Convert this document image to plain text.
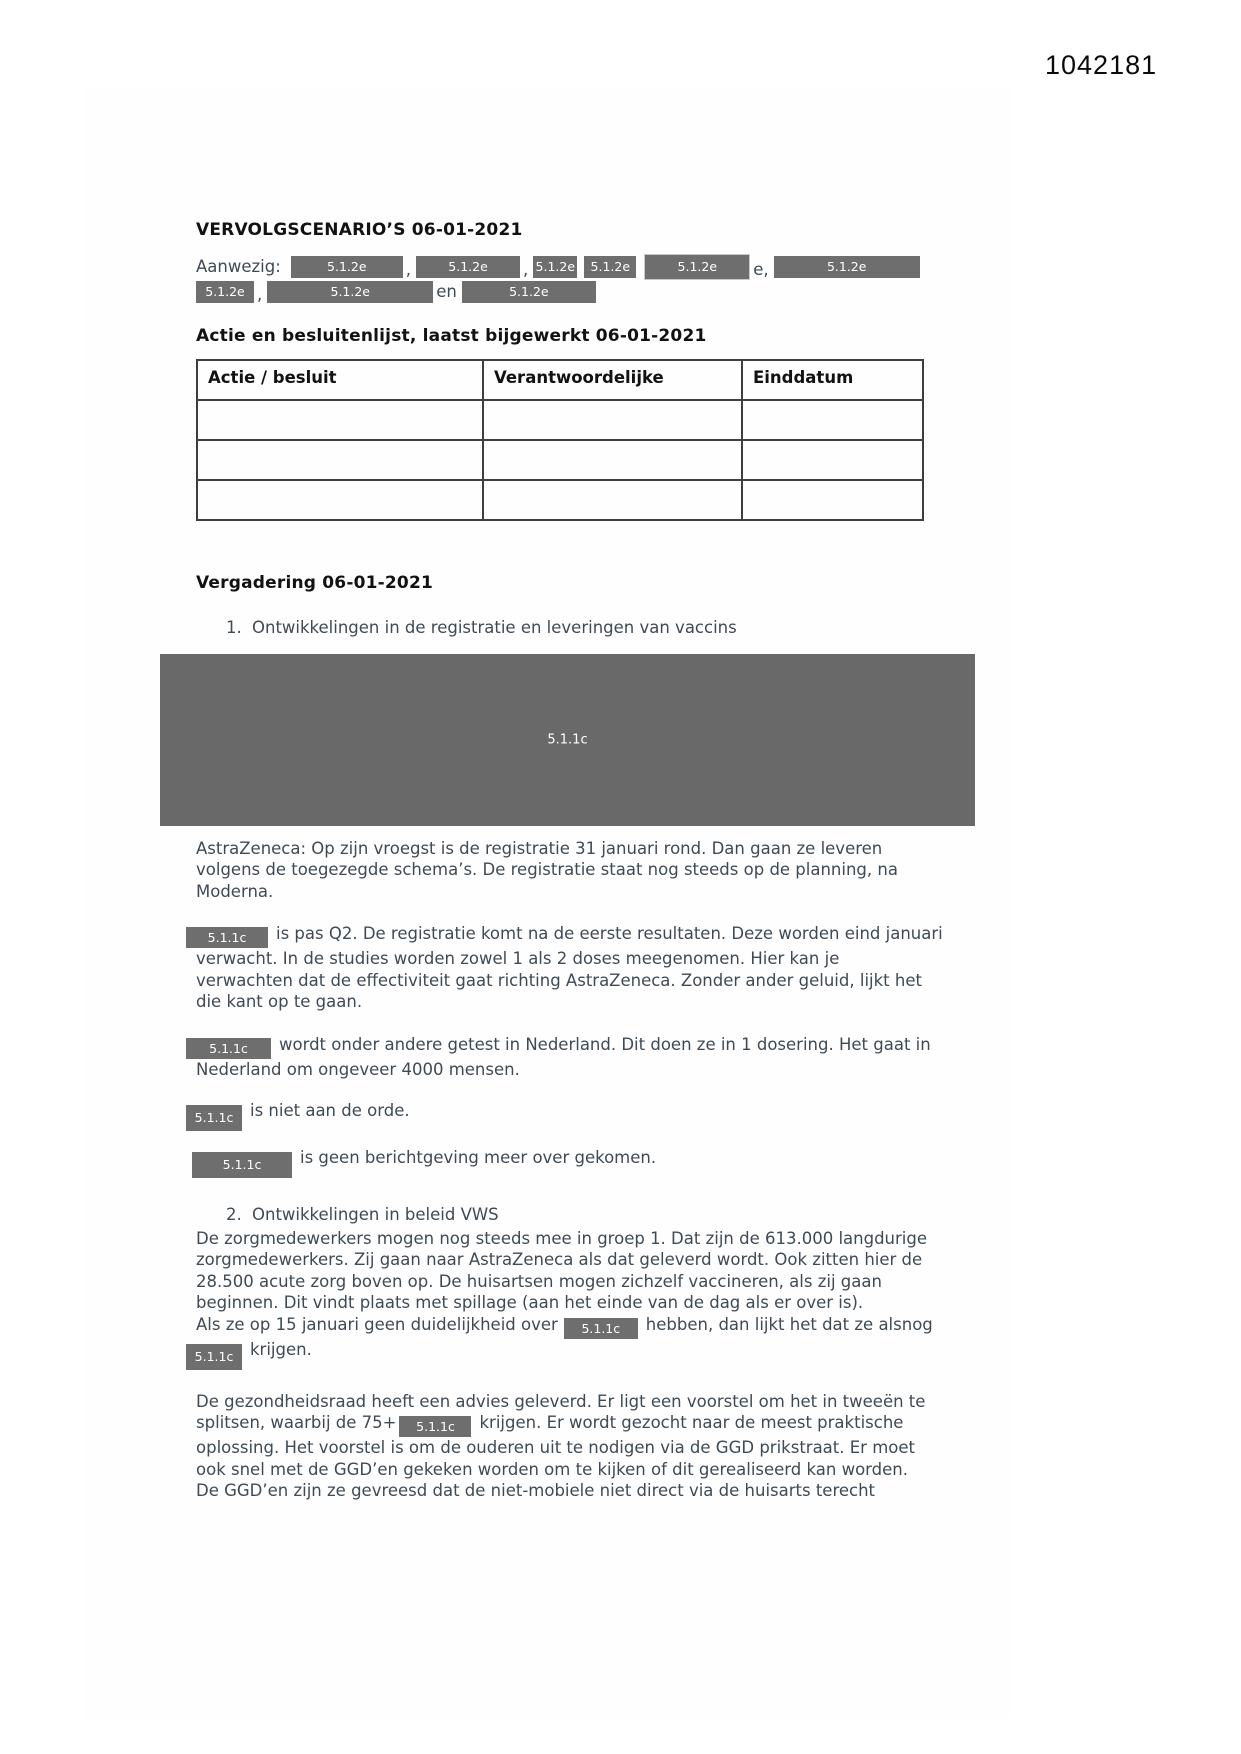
1042181
VERVOLGSCENARIO’S 06-01-2021
Aanwezig:	5.1.2e	,	5.1.2e	, 5.1.2e	5.1.2e	5.1.2e	e,	5.1.2e
5.1.2e ,	5.1.2e	en	5.1.2e
Actie en besluitenlijst, laatst bijgewerkt 06-01-2021
Actie / besluit	Verantwoordelijke	Einddatum

Vergadering 06-01-2021
1. Ontwikkelingen in de registratie en leveringen van vaccins
5.1.1c
AstraZeneca: Op zijn vroegst is de registratie 31 januari rond. Dan gaan ze leveren
volgens de toegezegde schema’s. De registratie staat nog steeds op de planning, na
Moderna.
5.1.1c is pas Q2. De registratie komt na de eerste resultaten. Deze worden eind januari
verwacht. In de studies worden zowel 1 als 2 doses meegenomen. Hier kan je
verwachten dat de effectiviteit gaat richting AstraZeneca. Zonder ander geluid, lijkt het
die kant op te gaan.
5.1.1c wordt onder andere getest in Nederland. Dit doen ze in 1 dosering. Het gaat in
Nederland om ongeveer 4000 mensen.
5.1.1c is niet aan de orde.
5.1.1c is geen berichtgeving meer over gekomen.
2. Ontwikkelingen in beleid VWS
De zorgmedewerkers mogen nog steeds mee in groep 1. Dat zijn de 613.000 langdurige
zorgmedewerkers. Zij gaan naar AstraZeneca als dat geleverd wordt. Ook zitten hier de
28.500 acute zorg boven op. De huisartsen mogen zichzelf vaccineren, als zij gaan
beginnen. Dit vindt plaats met spillage (aan het einde van de dag als er over is).
Als ze op 15 januari geen duidelijkheid over 5.1.1c hebben, dan lijkt het dat ze alsnog
5.1.1c krijgen.
De gezondheidsraad heeft een advies geleverd. Er ligt een voorstel om het in tweeën te
splitsen, waarbij de 75+ 5.1.1c krijgen. Er wordt gezocht naar de meest praktische
oplossing. Het voorstel is om de ouderen uit te nodigen via de GGD prikstraat. Er moet
ook snel met de GGD’en gekeken worden om te kijken of dit gerealiseerd kan worden.
De GGD’en zijn ze gevreesd dat de niet-mobiele niet direct via de huisarts terecht
